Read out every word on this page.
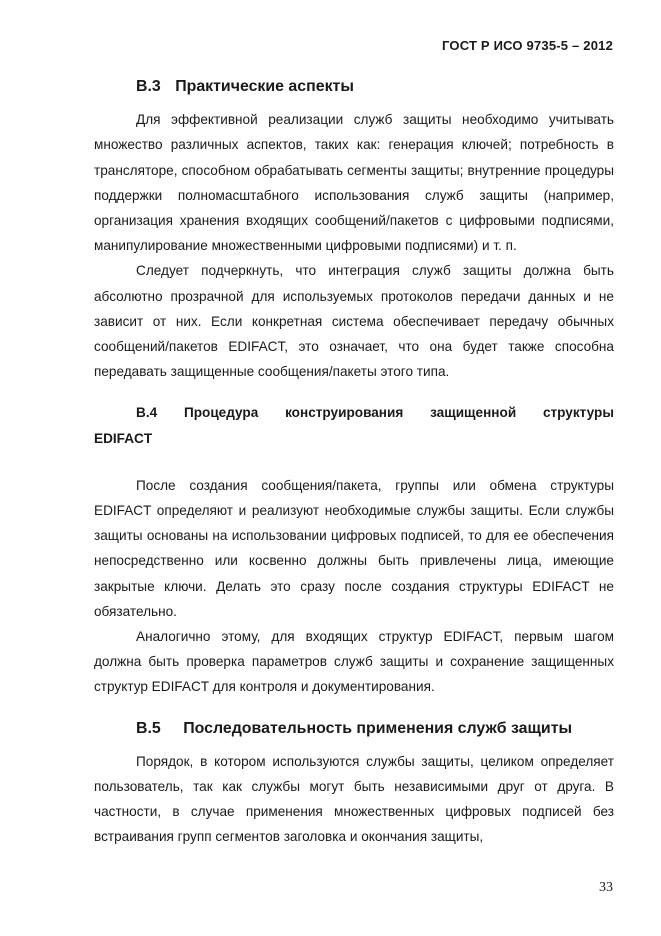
ГОСТ Р ИСО 9735-5 – 2012
B.3 Практические аспекты

Для эффективной реализации служб защиты необходимо учитывать множество различных аспектов, таких как: генерация ключей; потребность в трансляторе, способном обрабатывать сегменты защиты; внутренние процедуры поддержки полномасштабного использования служб защиты (например, организация хранения входящих сообщений/пакетов с цифровыми подписями, манипулирование множественными цифровыми подписями) и т. п.

Следует подчеркнуть, что интеграция служб защиты должна быть абсолютно прозрачной для используемых протоколов передачи данных и не зависит от них. Если конкретная система обеспечивает передачу обычных сообщений/пакетов EDIFACT, это означает, что она будет также способна передавать защищенные сообщения/пакеты этого типа.

B.4 Процедура конструирования защищенной структуры
EDIFACT

После создания сообщения/пакета, группы или обмена структуры EDIFACT определяют и реализуют необходимые службы защиты. Если службы защиты основаны на использовании цифровых подписей, то для ее обеспечения непосредственно или косвенно должны быть привлечены лица, имеющие закрытые ключи. Делать это сразу после создания структуры EDIFACT не обязательно.

Аналогично этому, для входящих структур EDIFACT, первым шагом должна быть проверка параметров служб защиты и сохранение защищенных структур EDIFACT для контроля и документирования.

B.5 Последовательность применения служб защиты

Порядок, в котором используются службы защиты, целиком определяет пользователь, так как службы могут быть независимыми друг от друга. В частности, в случае применения множественных цифровых подписей без встраивания групп сегментов заголовка и окончания защиты,

33
